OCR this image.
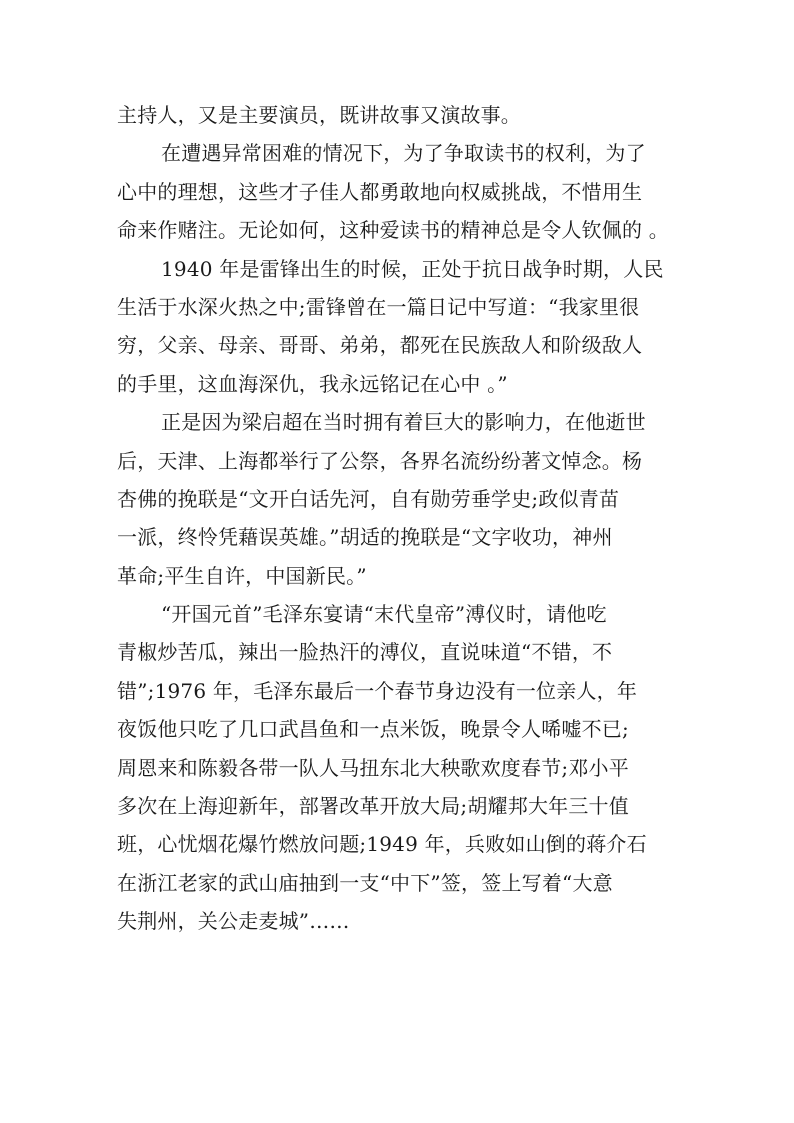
主持人，又是主要演员，既讲故事又演故事。
在遭遇异常困难的情况下，为了争取读书的权利，为了
心中的理想，这些才子佳人都勇敢地向权威挑战，不惜用生
命来作赌注。无论如何，这种爱读书的精神总是令人钦佩的 。
1940 年是雷锋出生的时候，正处于抗日战争时期，人民
生活于水深火热之中;雷锋曾在一篇日记中写道：“我家里很
穷，父亲、母亲、哥哥、弟弟，都死在民族敌人和阶级敌人
的手里，这血海深仇，我永远铭记在心中 。”
正是因为梁启超在当时拥有着巨大的影响力，在他逝世
后，天津、上海都举行了公祭，各界名流纷纷著文悼念。杨
杏佛的挽联是“文开白话先河，自有勋劳垂学史;政似青苗
一派，终怜凭藉误英雄。”胡适的挽联是“文字收功，神州
革命;平生自许，中国新民。”
“开国元首”毛泽东宴请“末代皇帝”溥仪时，请他吃
青椒炒苦瓜，辣出一脸热汗的溥仪，直说味道“不错，不
错”;1976 年，毛泽东最后一个春节身边没有一位亲人，年
夜饭他只吃了几口武昌鱼和一点米饭，晚景令人唏嘘不已;
周恩来和陈毅各带一队人马扭东北大秧歌欢度春节;邓小平
多次在上海迎新年，部署改革开放大局;胡耀邦大年三十值
班，心忧烟花爆竹燃放问题;1949 年，兵败如山倒的蒋介石
在浙江老家的武山庙抽到一支“中下”签，签上写着“大意
失荆州，关公走麦城”……
